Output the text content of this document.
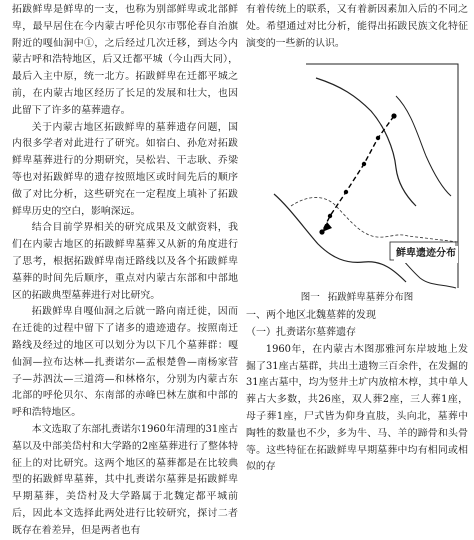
拓跋鲜卑是鲜卑的一支，也称为别部鲜卑或北部鲜卑，最早居住在今内蒙古呼伦贝尔市鄂伦春自治旗附近的嘎仙洞中①，之后经过几次迁移，到达今内蒙古呼和浩特地区，后又迁都平城（今山西大同），最后入主中原，统一北方。拓跋鲜卑在迁都平城之前，在内蒙古地区经历了长足的发展和壮大，也因此留下了许多的墓葬遗存。

关于内蒙古地区拓跋鲜卑的墓葬遗存问题，国内很多学者对此进行了研究。如宿白、孙危对拓跋鲜卑墓葬进行的分期研究，吴松岩、干志耿、乔梁等也对拓跋鲜卑的遗存按照地区或时间先后的顺序做了对比分析，这些研究在一定程度上填补了拓跋鲜卑历史的空白，影响深远。

结合目前学界相关的研究成果及文献资料，我们在内蒙古地区的拓跋鲜卑墓葬又从新的角度进行了思考，根据拓跋鲜卑南迁路线以及各个拓跋鲜卑墓葬的时间先后顺序，重点对内蒙古东部和中部地区的拓跋典型墓葬进行对比研究。

拓跋鲜卑自嘎仙洞之后就一路向南迁徙，因而在迁徙的过程中留下了诸多的遗迹遗存。按照南迁路线及经过的地区可以划分为以下几个墓葬群：嘎仙洞—拉布达林—扎赉诺尔—孟根楚鲁—南杨家营子—苏泗汰—三道湾—和林格尔，分别为内蒙古东北部的呼伦贝尔、东南部的赤峰巴林左旗和中部的呼和浩特地区。

本文选取了东部扎赉诺尔1960年清理的31座古墓以及中部美岱村和大学路的2座墓葬进行了整体特征上的对比研究。这两个地区的墓葬都是在比较典型的拓跋鲜卑墓葬，其中扎赉诺尔墓葬是拓跋鲜卑早期墓葬，美岱村及大学路属于北魏定都平城前后，因此本文选择此两处进行比较研究，探讨二者既存在着差异，但是两者也有

有着传统上的联系，又有着新因素加入后的不同之处。希望通过对比分析，能得出拓跋民族文化特征演变的一些新的认识。

鲜卑遗迹分布
图一 拓跋鲜卑墓葬分布图

一、两个地区北魏墓葬的发现

（一）扎赉诺尔墓葬遗存

1960年，在内蒙古木图那雅河东岸坡地上发掘了31座古墓群，共出土遗物三百余件，在发掘的31座古墓中，均为竖井土圹内放棺木椁，其中单人葬占大多数，共26座，双人葬2座，三人葬1座，母子葬1座，尸式皆为仰身直肢，头向北，墓葬中陶牲的数量也不少，多为牛、马、羊的蹄骨和头骨等。这些特征在拓跋鲜卑早期墓葬中均有相同或相似的存
